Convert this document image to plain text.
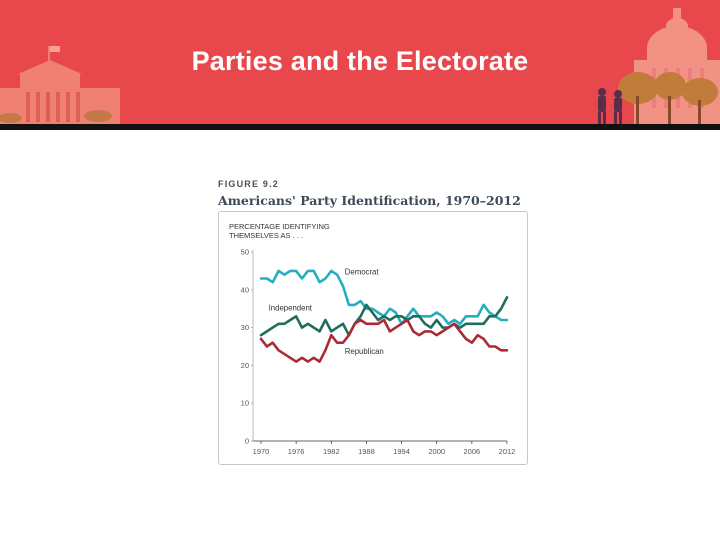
Parties and the Electorate
FIGURE 9.2
Americans' Party Identification, 1970–2012
PERCENTAGE IDENTIFYING
THEMSELVES AS . . .
0
10
20
30
40
50
1970 1976 1982 1988 1994 2000 2006 2012
Democrat
Independent
Republican
